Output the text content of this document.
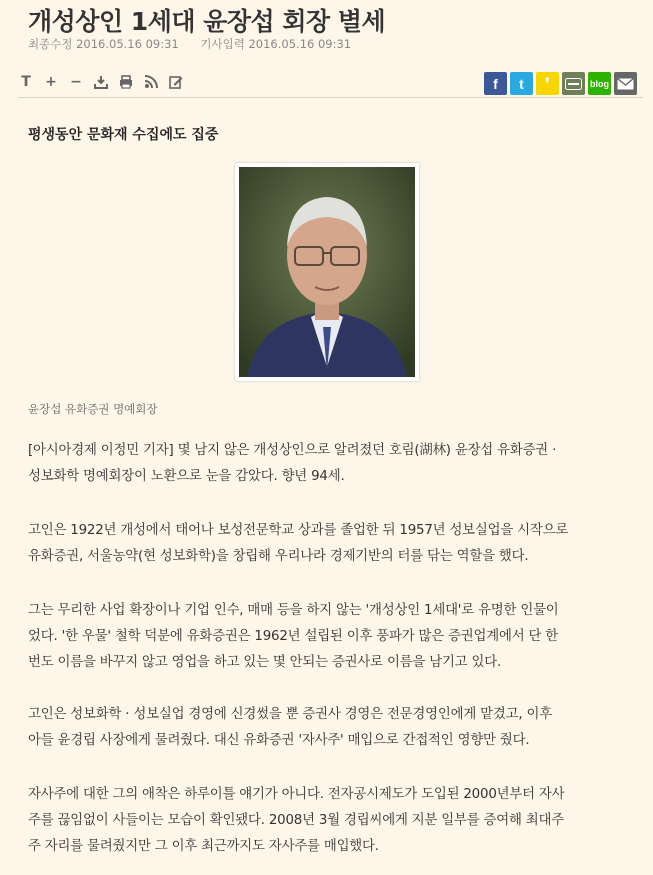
개성상인 1세대 윤장섭 회장 별세
최종수정 2016.05.16 09:31 기사입력 2016.05.16 09:31
T + −	f	t	❜	blog
평생동안 문화재 수집에도 집중
윤장섭 유화증권 명예회장
[아시아경제 이정민 기자] 몇 남지 않은 개성상인으로 알려졌던 호림(湖林) 윤장섭 유화증권 ·
성보화학 명예회장이 노환으로 눈을 감았다. 향년 94세.
고인은 1922년 개성에서 태어나 보성전문학교 상과를 졸업한 뒤 1957년 성보실업을 시작으로
유화증권, 서울농약(현 성보화학)을 창립해 우리나라 경제기반의 터를 닦는 역할을 했다.
그는 무리한 사업 확장이나 기업 인수, 매매 등을 하지 않는 '개성상인 1세대'로 유명한 인물이
었다. '한 우물' 철학 덕분에 유화증권은 1962년 설립된 이후 풍파가 많은 증권업계에서 단 한
번도 이름을 바꾸지 않고 영업을 하고 있는 몇 안되는 증권사로 이름을 남기고 있다.
고인은 성보화학 · 성보실업 경영에 신경썼을 뿐 증권사 경영은 전문경영인에게 맡겼고, 이후
아들 윤경립 사장에게 물려줬다. 대신 유화증권 '자사주' 매입으로 간접적인 영향만 줬다.
자사주에 대한 그의 애착은 하루이틀 얘기가 아니다. 전자공시제도가 도입된 2000년부터 자사
주를 끊임없이 사들이는 모습이 확인됐다. 2008년 3월 경립씨에게 지분 일부를 증여해 최대주
주 자리를 물려줬지만 그 이후 최근까지도 자사주를 매입했다.
